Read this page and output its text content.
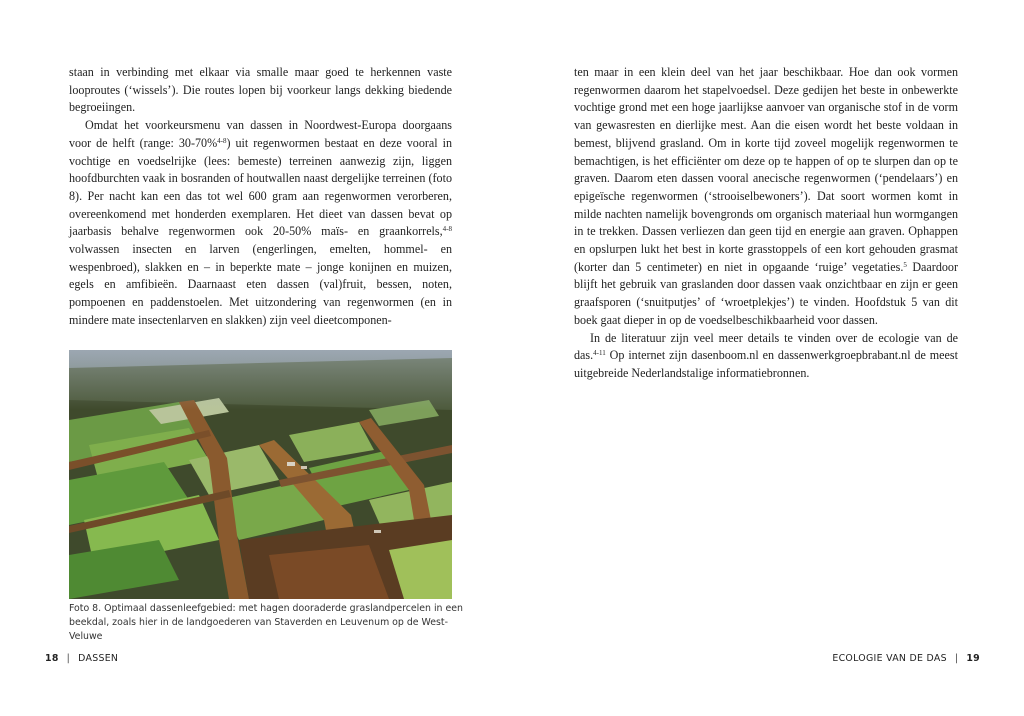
staan in verbinding met elkaar via smalle maar goed te herkennen vaste looproutes (‘wissels’). Die routes lopen bij voorkeur langs dekking biedende begroeiingen.

Omdat het voorkeursmenu van dassen in Noordwest-Europa doorgaans voor de helft (range: 30-70%$^{4-8}$) uit regenwormen bestaat en deze vooral in vochtige en voedselrijke (lees: bemeste) terreinen aanwezig zijn, liggen hoofdburchten vaak in bosranden of houtwallen naast dergelijke terreinen (foto 8). Per nacht kan een das tot wel 600 gram aan regenwormen verorberen, overeenkomend met honderden exemplaren. Het dieet van dassen bevat op jaarbasis behalve regenwormen ook 20-50% maïs- en graankorrels,$^{4-8}$ volwassen insecten en larven (engerlingen, emelten, hommel- en wespenbroed), slakken en – in beperkte mate – jonge konijnen en muizen, egels en amfibieën. Daarnaast eten dassen (val)fruit, bessen, noten, pompoenen en paddenstoelen. Met uitzondering van regenwormen (en in mindere mate insectenlarven en slakken) zijn veel dieetcomponen-

ten maar in een klein deel van het jaar beschikbaar. Hoe dan ook vormen regenwormen daarom het stapelvoedsel. Deze gedijen het beste in onbewerkte vochtige grond met een hoge jaarlijkse aanvoer van organische stof in de vorm van gewasresten en dierlijke mest. Aan die eisen wordt het beste voldaan in bemest, blijvend grasland. Om in korte tijd zoveel mogelijk regenwormen te bemachtigen, is het efficiënter om deze op te happen of op te slurpen dan op te graven. Daarom eten dassen vooral anecische regenwormen (‘pendelaars’) en epigeïsche regenwormen (‘strooiselbewoners’). Dat soort wormen komt in milde nachten namelijk bovengronds om organisch materiaal hun wormgangen in te trekken. Dassen verliezen dan geen tijd en energie aan graven. Ophappen en opslurpen lukt het best in korte grasstoppels of een kort gehouden grasmat (korter dan 5 centimeter) en niet in opgaande ‘ruige’ vegetaties.$^5$ Daardoor blijft het gebruik van graslanden door dassen vaak onzichtbaar en zijn er geen graafsporen (‘snuitputjes’ of ‘wroetplekjes’) te vinden. Hoofdstuk 5 van dit boek gaat dieper in op de voedselbeschikbaarheid voor dassen.

In de literatuur zijn veel meer details te vinden over de ecologie van de das.$^{4-11}$ Op internet zijn dasenboom.nl en dassenwerkgroepbrabant.nl de meest uitgebreide Nederlandstalige informatiebronnen.

Foto 8. Optimaal dassenleefgebied: met hagen dooraderde graslandpercelen in een beekdal, zoals hier in de landgoederen van Staverden en Leuvenum op de West-Veluwe
18 | DASSEN	ECOLOGIE VAN DE DAS | 19
